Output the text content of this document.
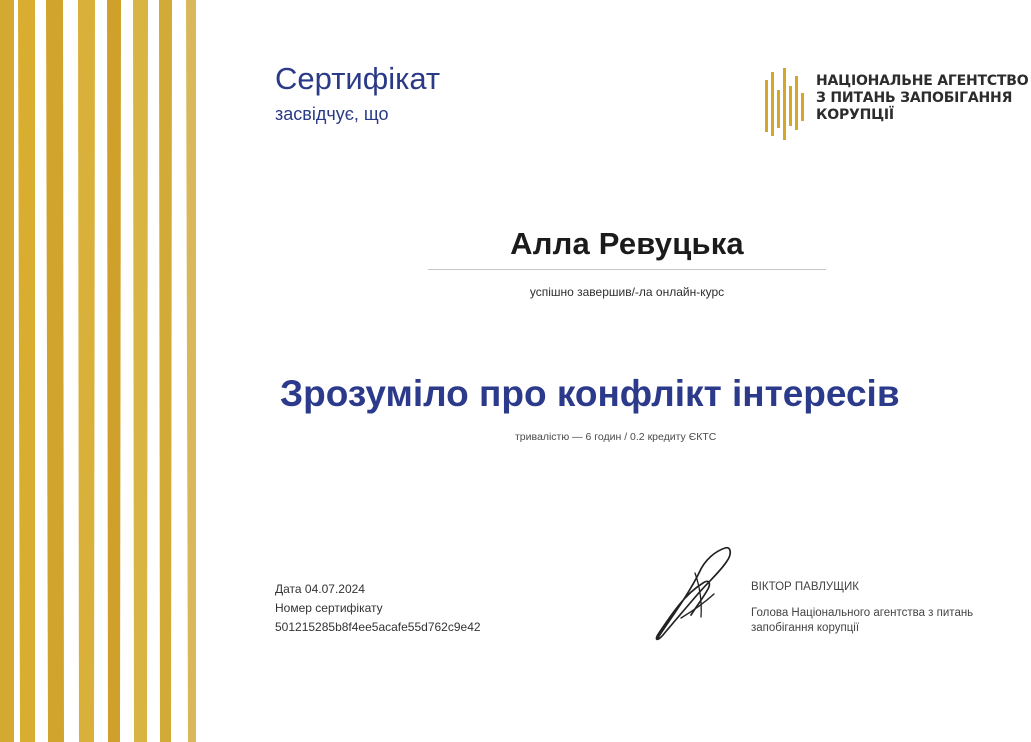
Сертифікат
засвідчує, що
НАЦІОНАЛЬНЕ АГЕНТСТВО
З ПИТАНЬ ЗАПОБІГАННЯ
КОРУПЦІЇ
Алла Ревуцька
успішно завершив/-ла онлайн-курс
Зрозуміло про конфлікт інтересів
тривалістю — 6 годин / 0.2 кредиту ЄКТС
Дата 04.07.2024
Номер сертифікату
501215285b8f4ee5acafe55d762c9e42
ВІКТОР ПАВЛУЩИК
Голова Національного агентства з питань запобігання корупції
